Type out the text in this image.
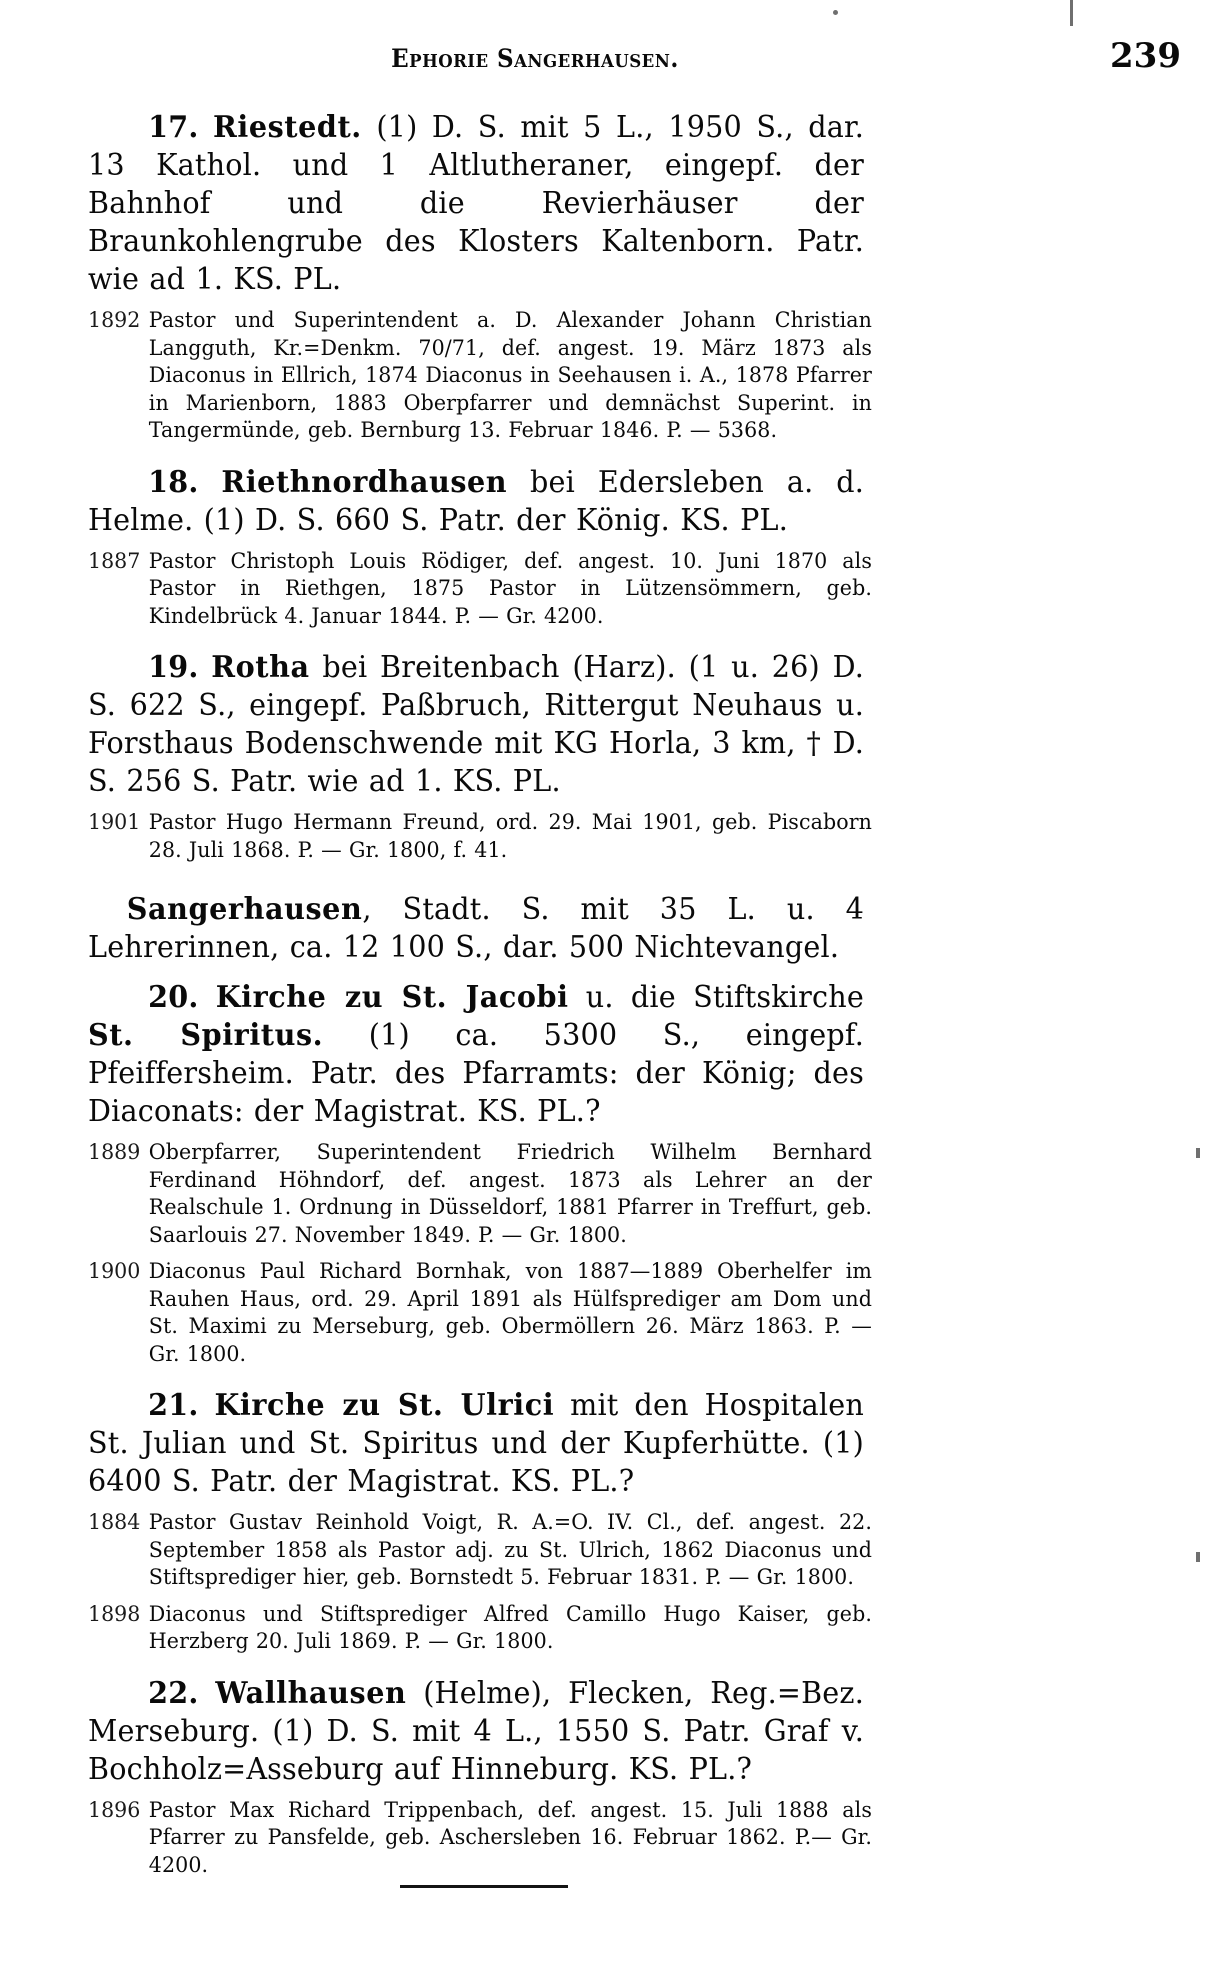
Ephorie Sangerhausen.	239

17. Riestedt. (1) D. S. mit 5 L., 1950 S., dar. 13 Kathol. und 1 Altlutheraner, eingepf. der Bahnhof und die Revierhäuser der Braunkohlengrube des Klosters Kaltenborn. Patr. wie ad 1. KS. PL.

1892 Pastor und Superintendent a. D. Alexander Johann Christian Langguth, Kr.=Denkm. 70/71, def. angest. 19. März 1873 als Diaconus in Ellrich, 1874 Diaconus in Seehausen i. A., 1878 Pfarrer in Marienborn, 1883 Oberpfarrer und demnächst Superint. in Tangermünde, geb. Bernburg 13. Februar 1846. P. — 5368.

18. Riethnordhausen bei Edersleben a. d. Helme. (1) D. S. 660 S. Patr. der König. KS. PL.

1887 Pastor Christoph Louis Rödiger, def. angest. 10. Juni 1870 als Pastor in Riethgen, 1875 Pastor in Lützensömmern, geb. Kindelbrück 4. Januar 1844. P. — Gr. 4200.

19. Rotha bei Breitenbach (Harz). (1 u. 26) D. S. 622 S., eingepf. Paßbruch, Rittergut Neuhaus u. Forsthaus Bodenschwende mit KG Horla, 3 km, † D. S. 256 S. Patr. wie ad 1. KS. PL.

1901 Pastor Hugo Hermann Freund, ord. 29. Mai 1901, geb. Piscaborn 28. Juli 1868. P. — Gr. 1800, f. 41.

Sangerhausen, Stadt. S. mit 35 L. u. 4 Lehrerinnen, ca. 12 100 S., dar. 500 Nichtevangel.

20. Kirche zu St. Jacobi u. die Stiftskirche St. Spiritus. (1) ca. 5300 S., eingepf. Pfeiffersheim. Patr. des Pfarramts: der König; des Diaconats: der Magistrat. KS. PL.?

1889 Oberpfarrer, Superintendent Friedrich Wilhelm Bernhard Ferdinand Höhndorf, def. angest. 1873 als Lehrer an der Realschule 1. Ordnung in Düsseldorf, 1881 Pfarrer in Treffurt, geb. Saarlouis 27. November 1849. P. — Gr. 1800.
1900 Diaconus Paul Richard Bornhak, von 1887—1889 Oberhelfer im Rauhen Haus, ord. 29. April 1891 als Hülfsprediger am Dom und St. Maximi zu Merseburg, geb. Obermöllern 26. März 1863. P. — Gr. 1800.

21. Kirche zu St. Ulrici mit den Hospitalen St. Julian und St. Spiritus und der Kupferhütte. (1) 6400 S. Patr. der Magistrat. KS. PL.?

1884 Pastor Gustav Reinhold Voigt, R. A.=O. IV. Cl., def. angest. 22. September 1858 als Pastor adj. zu St. Ulrich, 1862 Diaconus und Stiftsprediger hier, geb. Bornstedt 5. Februar 1831. P. — Gr. 1800.
1898 Diaconus und Stiftsprediger Alfred Camillo Hugo Kaiser, geb. Herzberg 20. Juli 1869. P. — Gr. 1800.

22. Wallhausen (Helme), Flecken, Reg.=Bez. Merseburg. (1) D. S. mit 4 L., 1550 S. Patr. Graf v. Bochholz=Asseburg auf Hinneburg. KS. PL.?

1896 Pastor Max Richard Trippenbach, def. angest. 15. Juli 1888 als Pfarrer zu Pansfelde, geb. Aschersleben 16. Februar 1862. P.— Gr. 4200.
